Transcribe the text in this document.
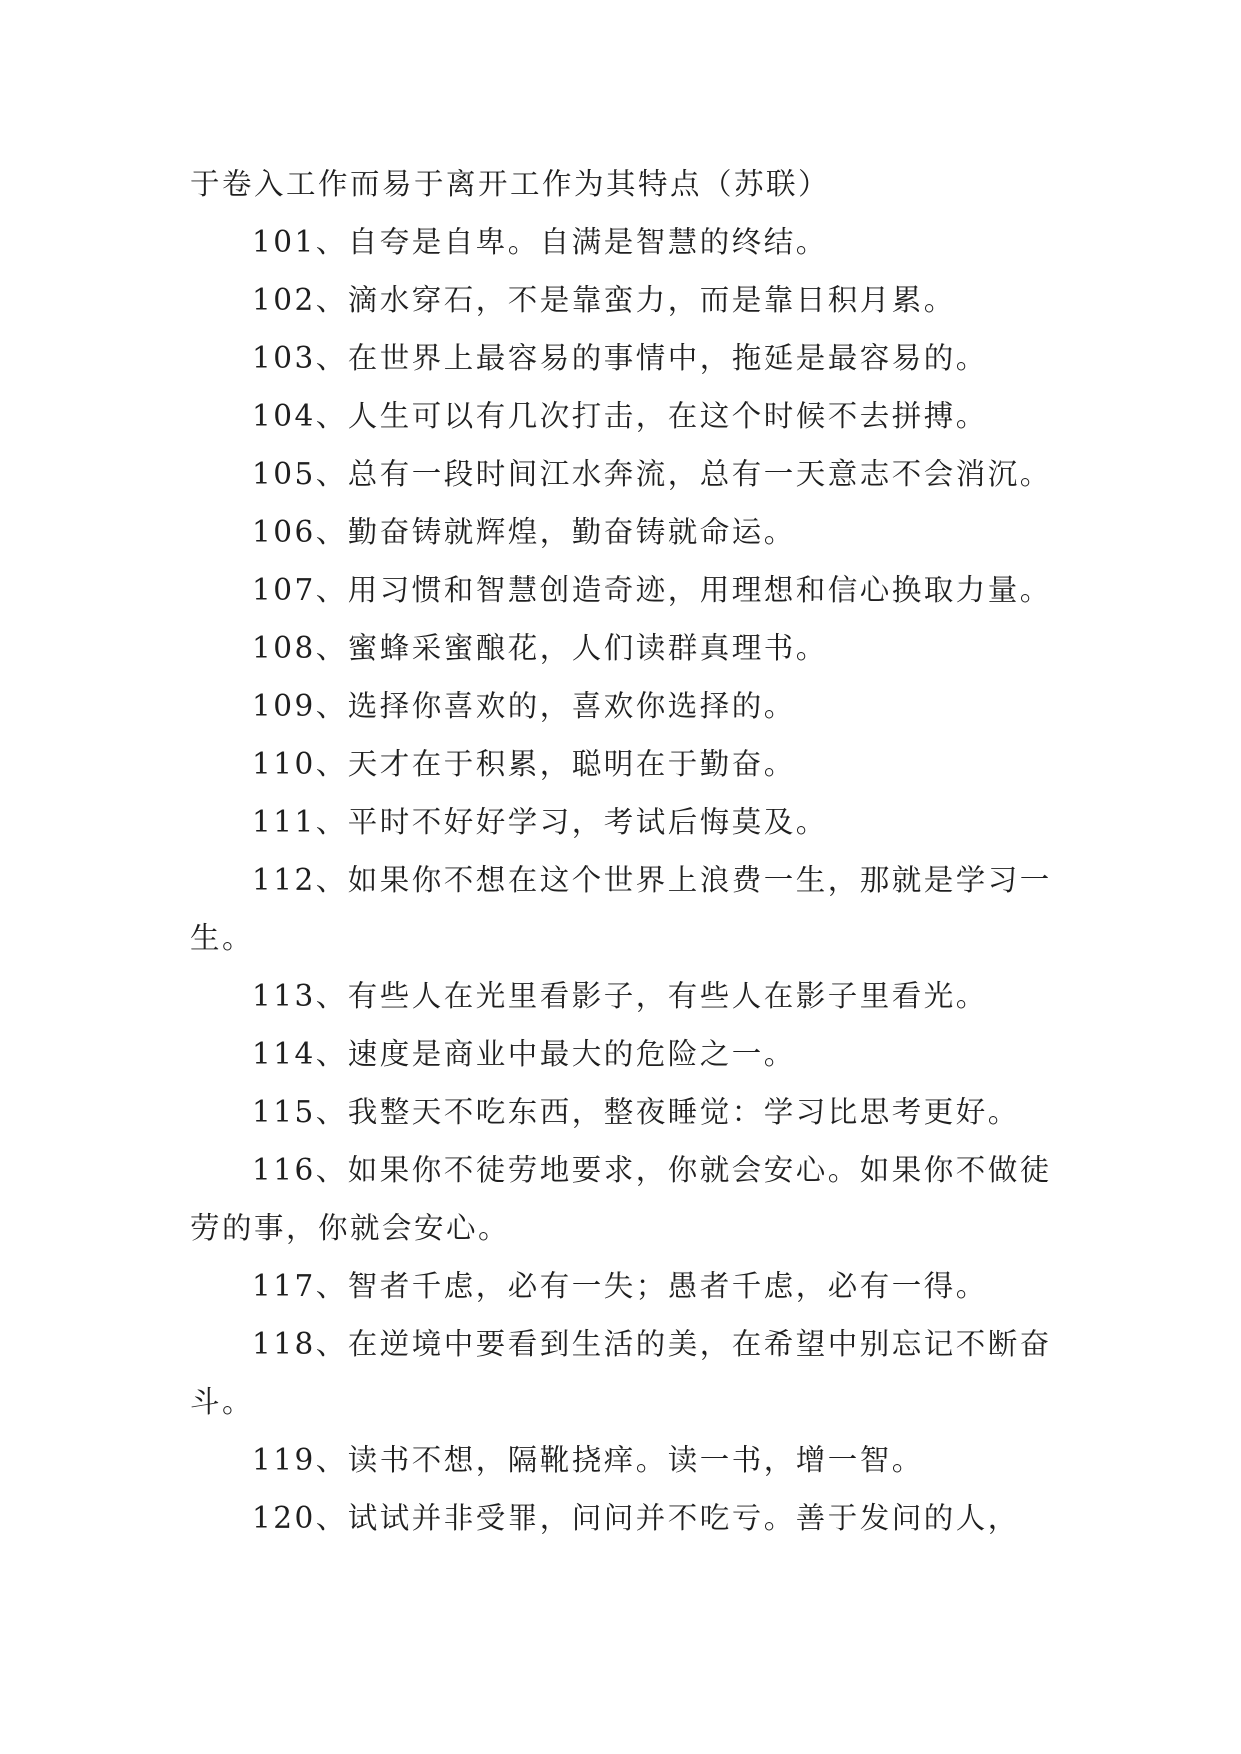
于卷入工作而易于离开工作为其特点（苏联）

101、自夸是自卑。自满是智慧的终结。

102、滴水穿石，不是靠蛮力，而是靠日积月累。

103、在世界上最容易的事情中，拖延是最容易的。

104、人生可以有几次打击，在这个时候不去拼搏。

105、总有一段时间江水奔流，总有一天意志不会消沉。

106、勤奋铸就辉煌，勤奋铸就命运。

107、用习惯和智慧创造奇迹，用理想和信心换取力量。

108、蜜蜂采蜜酿花，人们读群真理书。

109、选择你喜欢的，喜欢你选择的。

110、天才在于积累，聪明在于勤奋。

111、平时不好好学习，考试后悔莫及。

112、如果你不想在这个世界上浪费一生，那就是学习一生。

113、有些人在光里看影子，有些人在影子里看光。

114、速度是商业中最大的危险之一。

115、我整天不吃东西，整夜睡觉：学习比思考更好。

116、如果你不徒劳地要求，你就会安心。如果你不做徒劳的事，你就会安心。

117、智者千虑，必有一失；愚者千虑，必有一得。

118、在逆境中要看到生活的美，在希望中别忘记不断奋斗。

119、读书不想，隔靴挠痒。读一书，增一智。

120、试试并非受罪，问问并不吃亏。善于发问的人，
